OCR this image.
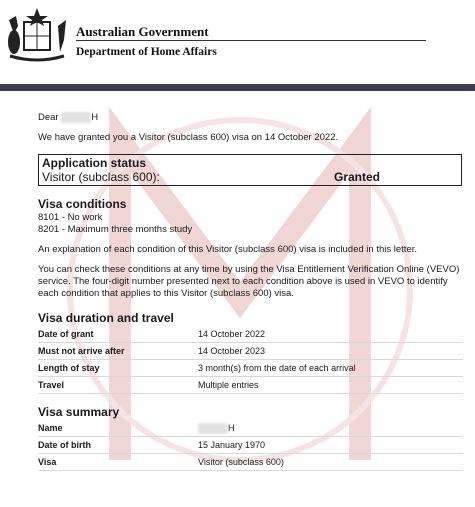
Australian Government
Department of Home Affairs
Dear	H

We have granted you a Visitor (subclass 600) visa on 14 October 2022.

Application status
Visitor (subclass 600):	Granted
Visa conditions
8101 - No work
8201 - Maximum three months study

An explanation of each condition of this Visitor (subclass 600) visa is included in this letter.

You can check these conditions at any time by using the Visa Entitlement Verification Online (VEVO) service. The four-digit number presented next to each condition above is used in VEVO to identify each condition that applies to this Visitor (subclass 600) visa.

Visa duration and travel
Date of grant	14 October 2022
Must not arrive after	14 October 2023
Length of stay	3 month(s) from the date of each arrival
Travel	Multiple entries
Visa summary
Name	H
Date of birth	15 January 1970
Visa	Visitor (subclass 600)
